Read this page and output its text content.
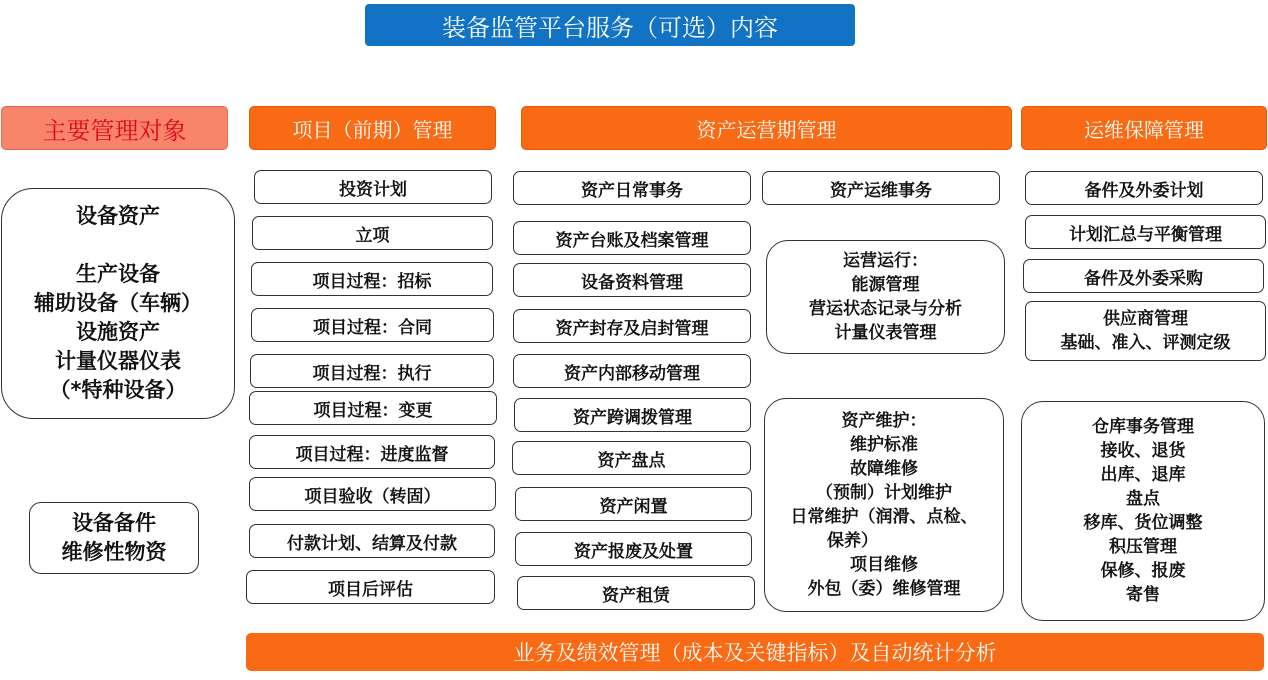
装备监管平台服务（可选）内容
主要管理对象	项目（前期）管理	资产运营期管理	运维保障管理
设备资产
生产设备
辅助设备（车辆）
设施资产
计量仪器仪表
（*特种设备）
设备备件
维修性物资
投资计划
立项
项目过程：招标
项目过程：合同
项目过程：执行
项目过程：变更
项目过程：进度监督
项目验收（转固）
付款计划、结算及付款
项目后评估
资产日常事务
资产台账及档案管理
设备资料管理
资产封存及启封管理
资产内部移动管理
资产跨调拨管理
资产盘点
资产闲置
资产报废及处置
资产租赁
资产运维事务
运营运行：
能源管理
营运状态记录与分析
计量仪表管理
资产维护：
维护标准
故障维修
（预制）计划维护
日常维护（润滑、点检、
保养）
项目维修
外包（委）维修管理
备件及外委计划
计划汇总与平衡管理
备件及外委采购
供应商管理
基础、准入、评测定级
仓库事务管理
接收、退货
出库、退库
盘点
移库、货位调整
积压管理
保修、报废
寄售
业务及绩效管理（成本及关键指标）及自动统计分析
